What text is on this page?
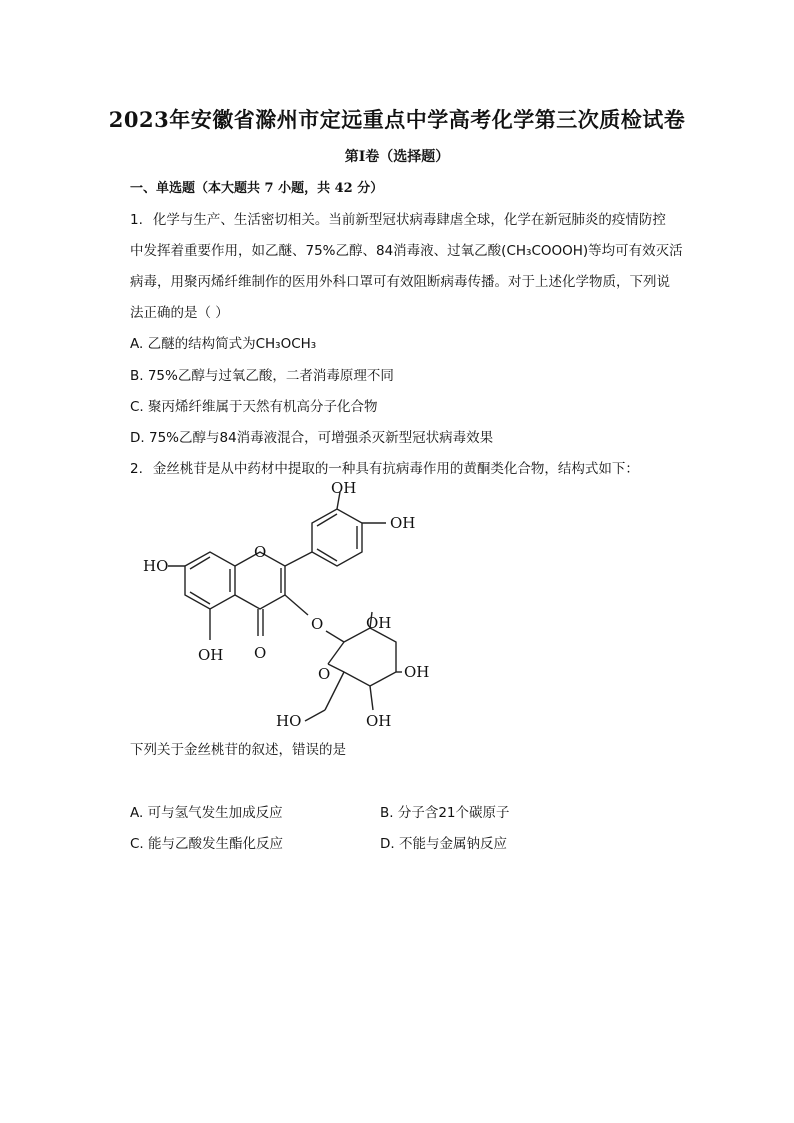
2023年安徽省滁州市定远重点中学高考化学第三次质检试卷
第I卷（选择题）
一、单选题（本大题共 7 小题，共 42 分）
1. 化学与生产、生活密切相关。当前新型冠状病毒肆虐全球，化学在新冠肺炎的疫情防控
中发挥着重要作用，如乙醚、75%乙醇、84消毒液、过氧乙酸(CH₃COOOH)等均可有效灭活
病毒，用聚丙烯纤维制作的医用外科口罩可有效阻断病毒传播。对于上述化学物质，下列说
法正确的是（ ）
A. 乙醚的结构简式为CH₃OCH₃
B. 75%乙醇与过氧乙酸，二者消毒原理不同
C. 聚丙烯纤维属于天然有机高分子化合物
D. 75%乙醇与84消毒液混合，可增强杀灭新型冠状病毒效果
2. 金丝桃苷是从中药材中提取的一种具有抗病毒作用的黄酮类化合物，结构式如下：
OH
OH
HO
O
O
OH O
OH
O	OH
HO	OH
下列关于金丝桃苷的叙述，错误的是
A. 可与氢气发生加成反应	B. 分子含21个碳原子
C. 能与乙酸发生酯化反应	D. 不能与金属钠反应
